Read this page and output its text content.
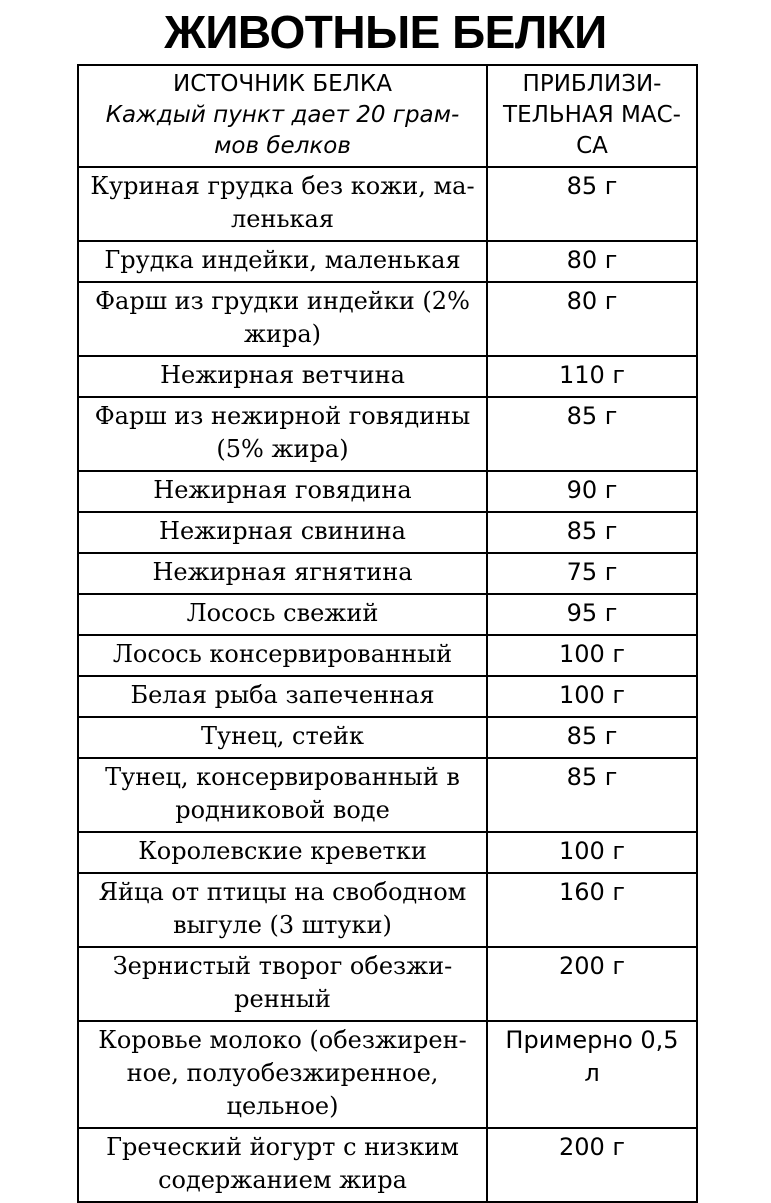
ЖИВОТНЫЕ БЕЛКИ
ИСТОЧНИК БЕЛКА
Каждый пункт дает 20 грам-мов белков	ПРИБЛИЗИ-ТЕЛЬНАЯ МАС-СА
Куриная грудка без кожи, ма-ленькая	85 г
Грудка индейки, маленькая	80 г
Фарш из грудки индейки (2% жира)	80 г
Нежирная ветчина	110 г
Фарш из нежирной говядины (5% жира)	85 г
Нежирная говядина	90 г
Нежирная свинина	85 г
Нежирная ягнятина	75 г
Лосось свежий	95 г
Лосось консервированный	100 г
Белая рыба запеченная	100 г
Тунец, стейк	85 г
Тунец, консервированный в родниковой воде	85 г
Королевские креветки	100 г
Яйца от птицы на свободном выгуле (3 штуки)	160 г
Зернистый творог обезжи-ренный	200 г
Коровье молоко (обезжирен-ное, полуобезжиренное, цельное)	Примерно 0,5 л
Греческий йогурт с низким содержанием жира	200 г
